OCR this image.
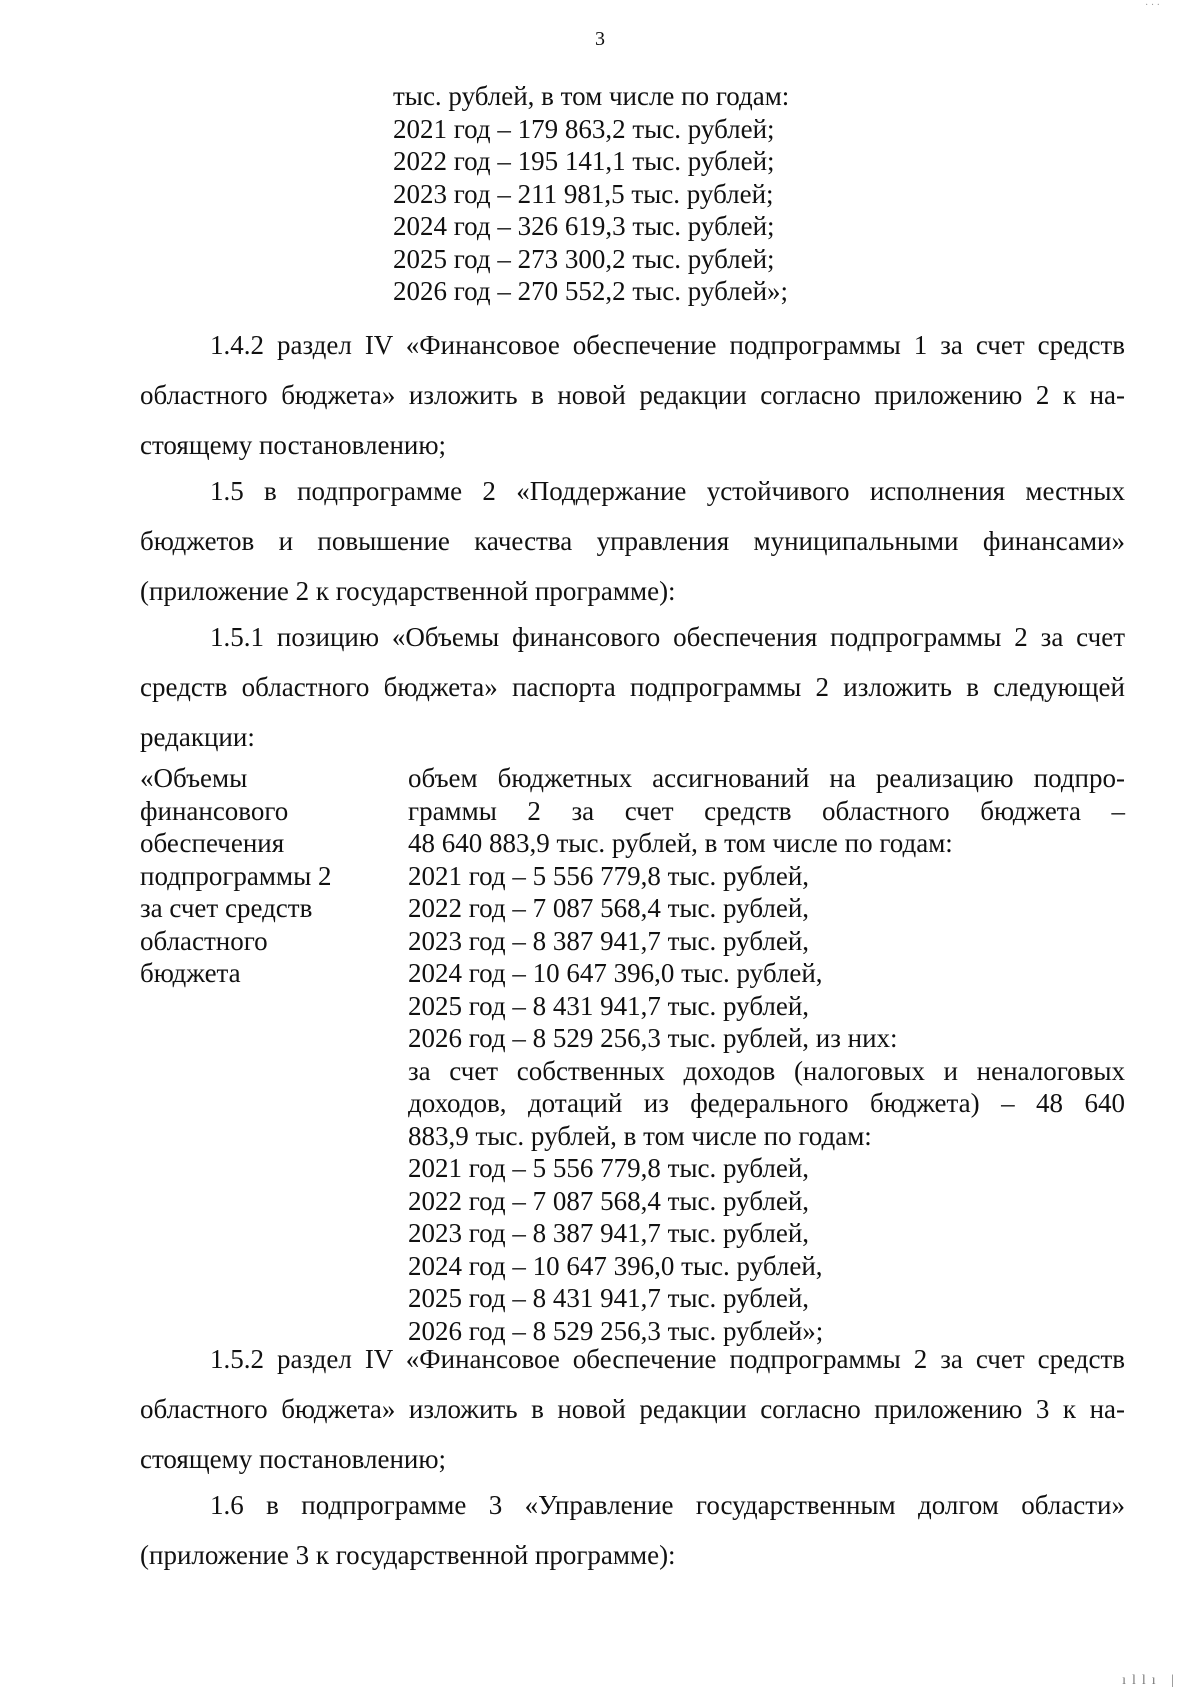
3
тыс. рублей, в том числе по годам:
2021 год – 179 863,2 тыс. рублей;
2022 год – 195 141,1 тыс. рублей;
2023 год – 211 981,5 тыс. рублей;
2024 год – 326 619,3 тыс. рублей;
2025 год – 273 300,2 тыс. рублей;
2026 год – 270 552,2 тыс. рублей»;
1.4.2 раздел IV «Финансовое обеспечение подпрограммы 1 за счет средств
областного бюджета» изложить в новой редакции согласно приложению 2 к на-
стоящему постановлению;
1.5 в подпрограмме 2 «Поддержание устойчивого исполнения местных
бюджетов и повышение качества управления муниципальными финансами»
(приложение 2 к государственной программе):
1.5.1 позицию «Объемы финансового обеспечения подпрограммы 2 за счет
средств областного бюджета» паспорта подпрограммы 2 изложить в следующей
редакции:
«Объемы
финансового
обеспечения
подпрограммы 2
за счет средств
областного
бюджета
объем бюджетных ассигнований на реализацию подпро-
граммы 2 за счет средств областного бюджета –
48 640 883,9 тыс. рублей, в том числе по годам:
2021 год – 5 556 779,8 тыс. рублей,
2022 год – 7 087 568,4 тыс. рублей,
2023 год – 8 387 941,7 тыс. рублей,
2024 год – 10 647 396,0 тыс. рублей,
2025 год – 8 431 941,7 тыс. рублей,
2026 год – 8 529 256,3 тыс. рублей, из них:
за счет собственных доходов (налоговых и неналоговых
доходов, дотаций из федерального бюджета) – 48 640
883,9 тыс. рублей, в том числе по годам:
2021 год – 5 556 779,8 тыс. рублей,
2022 год – 7 087 568,4 тыс. рублей,
2023 год – 8 387 941,7 тыс. рублей,
2024 год – 10 647 396,0 тыс. рублей,
2025 год – 8 431 941,7 тыс. рублей,
2026 год – 8 529 256,3 тыс. рублей»;
1.5.2 раздел IV «Финансовое обеспечение подпрограммы 2 за счет средств
областного бюджета» изложить в новой редакции согласно приложению 3 к на-
стоящему постановлению;
1.6 в подпрограмме 3 «Управление государственным долгом области»
(приложение 3 к государственной программе):
· · ·
ıllı |
